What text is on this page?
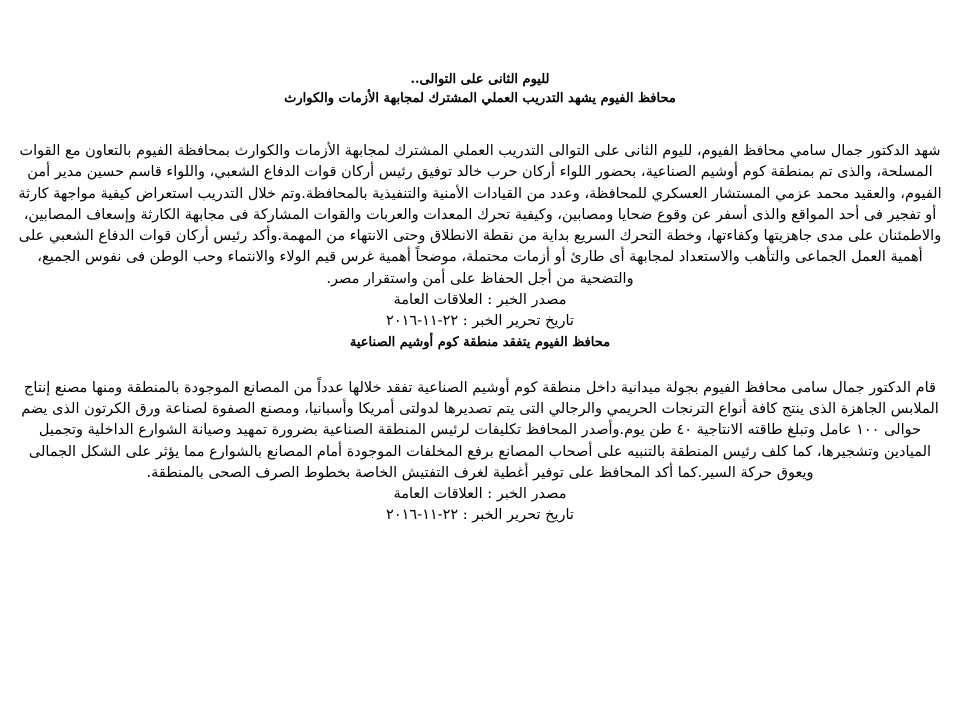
لليوم الثانى على التوالى..

محافظ الفيوم يشهد التدريب العملي المشترك لمجابهة الأزمات والكوارث

شهد الدكتور جمال سامي محافظ الفيوم، لليوم الثانى على التوالى التدريب العملي المشترك لمجابهة الأزمات والكوارث بمحافظة الفيوم بالتعاون مع القوات المسلحة، والذى تم بمنطقة كوم أوشيم الصناعية، بحضور اللواء أركان حرب خالد توفيق رئيس أركان قوات الدفاع الشعبي، واللواء قاسم حسين مدير أمن الفيوم، والعقيد محمد عزمي المستشار العسكري للمحافظة، وعدد من القيادات الأمنية والتنفيذية بالمحافظة.وتم خلال التدريب استعراض كيفية مواجهة كارثة أو تفجير فى أحد المواقع والذى أسفر عن وقوع ضحايا ومصابين، وكيفية تحرك المعدات والعربات والقوات المشاركة فى مجابهة الكارثة وإسعاف المصابين، والاطمئنان على مدى جاهزيتها وكفاءتها، وخطة التحرك السريع بداية من نقطة الانطلاق وحتى الانتهاء من المهمة.وأكد رئيس أركان قوات الدفاع الشعبي على أهمية العمل الجماعى والتأهب والاستعداد لمجابهة أى طارئ أو أزمات محتملة، موضحاً أهمية غرس قيم الولاء والانتماء وحب الوطن فى نفوس الجميع، والتضحية من أجل الحفاظ على أمن واستقرار مصر.

مصدر الخبر : العلاقات العامة

تاريخ تحرير الخبر : ٢٢-١١-٢٠١٦

محافظ الفيوم يتفقد منطقة كوم أوشيم الصناعية

قام الدكتور جمال سامى محافظ الفيوم بجولة ميدانية داخل منطقة كوم أوشيم الصناعية تفقد خلالها عدداً من المصانع الموجودة بالمنطقة ومنها مصنع إنتاج الملابس الجاهزة الذى ينتج كافة أنواع الترنجات الحريمي والرجالي التى يتم تصديرها لدولتى أمريكا وأسبانيا، ومصنع الصفوة لصناعة ورق الكرتون الذى يضم حوالى ١٠٠ عامل وتبلغ طاقته الانتاجية ٤٠ طن يوم.وأصدر المحافظ تكليفات لرئيس المنطقة الصناعية بضرورة تمهيد وصيانة الشوارع الداخلية وتجميل الميادين وتشجيرها، كما كلف رئيس المنطقة بالتنبيه على أصحاب المصانع برفع المخلفات الموجودة أمام المصانع بالشوارع مما يؤثر على الشكل الجمالى ويعوق حركة السير.كما أكد المحافظ على توفير أغطية لغرف التفتيش الخاصة بخطوط الصرف الصحى بالمنطقة.

مصدر الخبر : العلاقات العامة

تاريخ تحرير الخبر : ٢٢-١١-٢٠١٦
